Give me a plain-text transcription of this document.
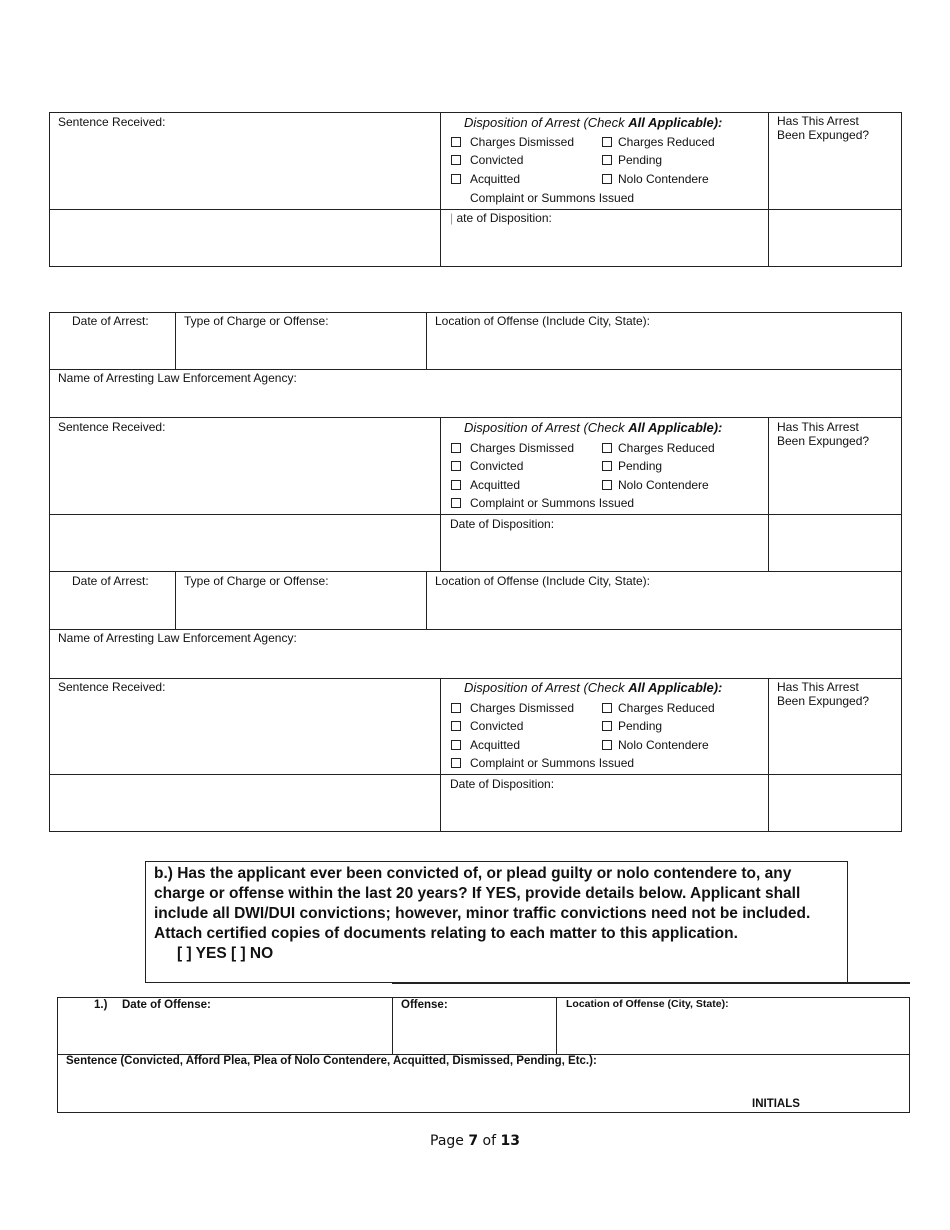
Sentence Received:	Disposition of Arrest (Check All Applicable):	Has This Arrest
Been Expunged?
Charges Dismissed	Charges Reduced
Convicted	Pending
Acquitted	Nolo Contendere
Complaint or Summons Issued
| ate of Disposition:
Date of Arrest:	Type of Charge or Offense:	Location of Offense (Include City, State):
Name of Arresting Law Enforcement Agency:
Sentence Received:	Disposition of Arrest (Check All Applicable):	Has This Arrest
Been Expunged?
Charges Dismissed	Charges Reduced
Convicted	Pending
Acquitted	Nolo Contendere
Complaint or Summons Issued
Date of Disposition:
Date of Arrest:	Type of Charge or Offense:	Location of Offense (Include City, State):
Name of Arresting Law Enforcement Agency:
Sentence Received:	Disposition of Arrest (Check All Applicable):	Has This Arrest
Been Expunged?
Charges Dismissed	Charges Reduced
Convicted	Pending
Acquitted	Nolo Contendere
Complaint or Summons Issued
Date of Disposition:
b.) Has the applicant ever been convicted of, or plead guilty or nolo contendere to, any charge or offense within the last 20 years? If YES, provide details below. Applicant shall include all DWI/DUI convictions; however, minor traffic convictions need not be included. Attach certified copies of documents relating to each matter to this application.
[ ] YES [ ] NO
1.) Date of Offense:	Offense:	Location of Offense (City, State):
Sentence (Convicted, Afford Plea, Plea of Nolo Contendere, Acquitted, Dismissed, Pending, Etc.):
INITIALS
Page 7 of 13
